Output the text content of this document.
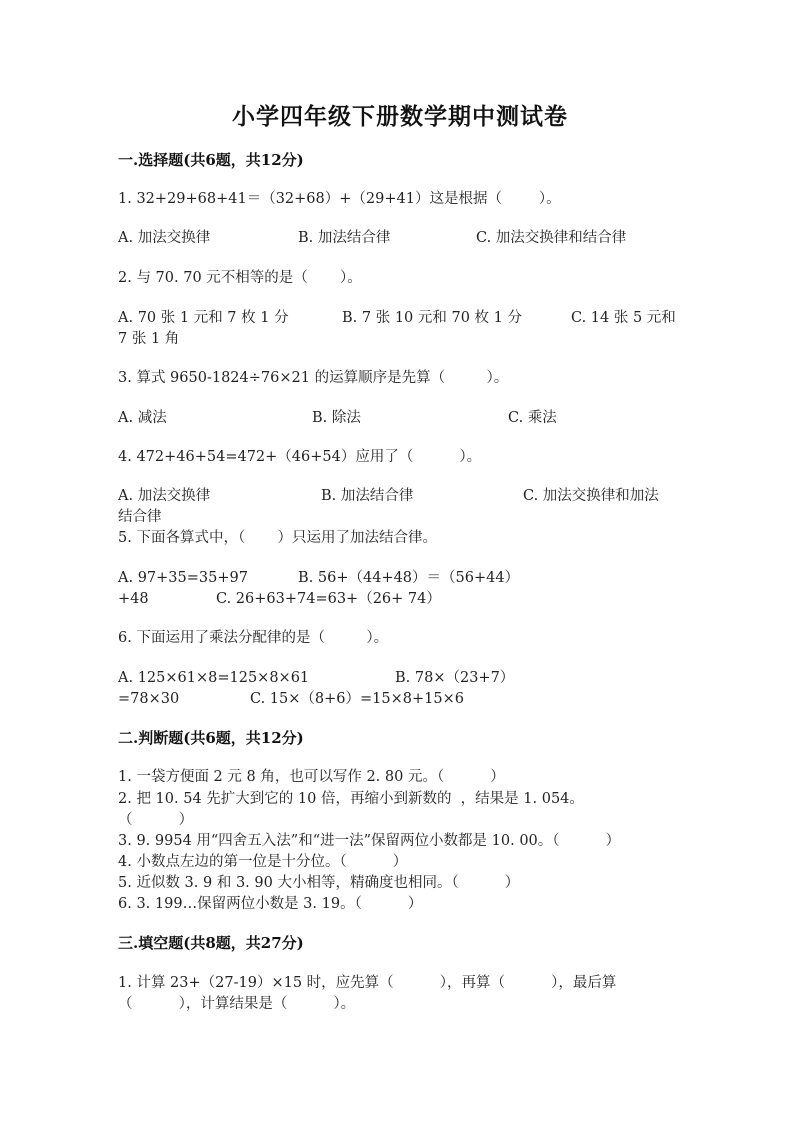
小学四年级下册数学期中测试卷
一.选择题(共6题，共12分)
1. 32+29+68+41＝（32+68）+（29+41）这是根据（        ）。
A. 加法交换律	B. 加法结合律	C. 加法交换律和结合律
2. 与 70. 70 元不相等的是（       ）。
A. 70 张 1 元和 7 枚 1 分	B. 7 张 10 元和 70 枚 1 分	C. 14 张 5 元和
7 张 1 角
3. 算式 9650-1824÷76×21 的运算顺序是先算（         ）。
A. 减法	B. 除法	C. 乘法
4. 472+46+54=472+（46+54）应用了（          ）。
A. 加法交换律	B. 加法结合律	C. 加法交换律和加法
结合律
5. 下面各算式中，（       ）只运用了加法结合律。
A. 97+35=35+97	B. 56+（44+48）＝（56+44）
+48	C. 26+63+74=63+（26+ 74）
6. 下面运用了乘法分配律的是（         ）。
A. 125×61×8=125×8×61	B. 78×（23+7）
=78×30	C. 15×（8+6）=15×8+15×6
二.判断题(共6题，共12分)
1. 一袋方便面 2 元 8 角，也可以写作 2. 80 元。（          ）
2. 把 10. 54 先扩大到它的 10 倍，再缩小到新数的  ，结果是 1. 054。
（          ）
3. 9. 9954 用“四舍五入法”和“进一法”保留两位小数都是 10. 00。（          ）
4. 小数点左边的第一位是十分位。（          ）
5. 近似数 3. 9 和 3. 90 大小相等，精确度也相同。（          ）
6. 3. 199…保留两位小数是 3. 19。（          ）
三.填空题(共8题，共27分)
1. 计算 23+（27-19）×15 时，应先算（          ），再算（          ），最后算
（          ），计算结果是（          ）。
